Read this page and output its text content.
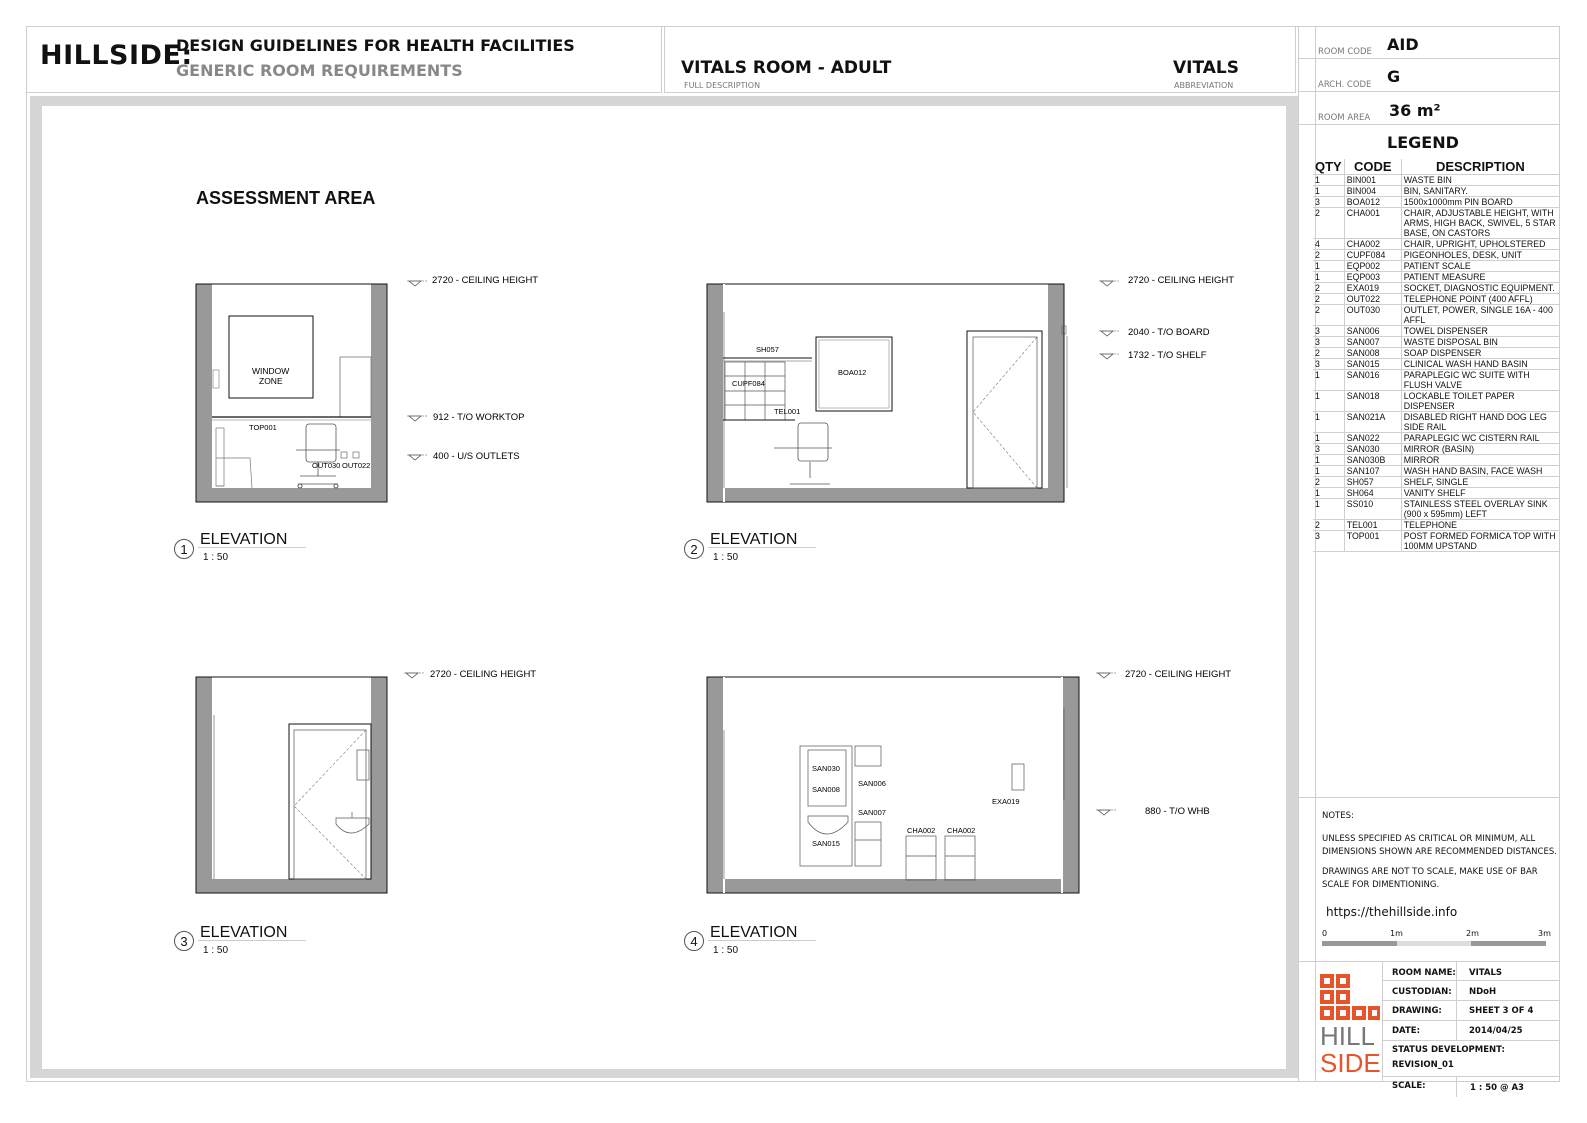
HILLSIDE:
DESIGN GUIDELINES FOR HEALTH FACILITIES
GENERIC ROOM REQUIREMENTS	VITALS ROOM - ADULT
FULL DESCRIPTION
VITALS
ABBREVIATION
ROOM CODE AID
ARCH. CODE G
ROOM AREA 36 m²
LEGEND
QTY	CODE	DESCRIPTION
1	BIN001	WASTE BIN
1	BIN004	BIN, SANITARY.
3	BOA012	1500x1000mm PIN BOARD
2	CHA001	CHAIR, ADJUSTABLE HEIGHT, WITH ARMS, HIGH BACK, SWIVEL, 5 STAR BASE, ON CASTORS
4	CHA002	CHAIR, UPRIGHT, UPHOLSTERED
2	CUPF084	PIGEONHOLES, DESK, UNIT
1	EQP002	PATIENT SCALE
1	EQP003	PATIENT MEASURE
2	EXA019	SOCKET, DIAGNOSTIC EQUIPMENT.
2	OUT022	TELEPHONE POINT (400 AFFL)
2	OUT030	OUTLET, POWER, SINGLE 16A - 400 AFFL
3	SAN006	TOWEL DISPENSER
3	SAN007	WASTE DISPOSAL BIN
2	SAN008	SOAP DISPENSER
3	SAN015	CLINICAL WASH HAND BASIN
1	SAN016	PARAPLEGIC WC SUITE WITH FLUSH VALVE
1	SAN018	LOCKABLE TOILET PAPER DISPENSER
1	SAN021A	DISABLED RIGHT HAND DOG LEG SIDE RAIL
1	SAN022	PARAPLEGIC WC CISTERN RAIL
3	SAN030	MIRROR (BASIN)
1	SAN030B	MIRROR
1	SAN107	WASH HAND BASIN, FACE WASH
2	SH057	SHELF, SINGLE
1	SH064	VANITY SHELF
1	SS010	STAINLESS STEEL OVERLAY SINK (900 x 595mm) LEFT
2	TEL001	TELEPHONE
3	TOP001	POST FORMED FORMICA TOP WITH 100MM UPSTAND
NOTES:
UNLESS SPECIFIED AS CRITICAL OR MINIMUM, ALL DIMENSIONS SHOWN ARE RECOMMENDED DISTANCES.
DRAWINGS ARE NOT TO SCALE, MAKE USE OF BAR SCALE FOR DIMENTIONING.
https://thehillside.info
0	1m	2m	3m
ROOM NAME: VITALS
CUSTODIAN: NDoH
DRAWING:	SHEET 3 OF 4
DATE:	2014/04/25
STATUS DEVELOPMENT:
REVISION_01
SCALE:	1 : 50 @ A3
HILL
SIDE
ASSESSMENT AREA
WINDOW
ZONE
TOP001
OUT030 OUT022
2720 - CEILING HEIGHT
912 - T/O WORKTOP
400 - U/S OUTLETS
SH057
CUPF084
BOA012
TEL001
2720 - CEILING HEIGHT
2040 - T/O BOARD
1732 - T/O SHELF
2720 - CEILING HEIGHT
SAN030
SAN008
SAN006
SAN007
SAN015
CHA002 CHA002
EXA019
2720 - CEILING HEIGHT
880 - T/O WHB
1
ELEVATION
1 : 50
2
ELEVATION
1 : 50
3
ELEVATION
1 : 50
4
ELEVATION
1 : 50
